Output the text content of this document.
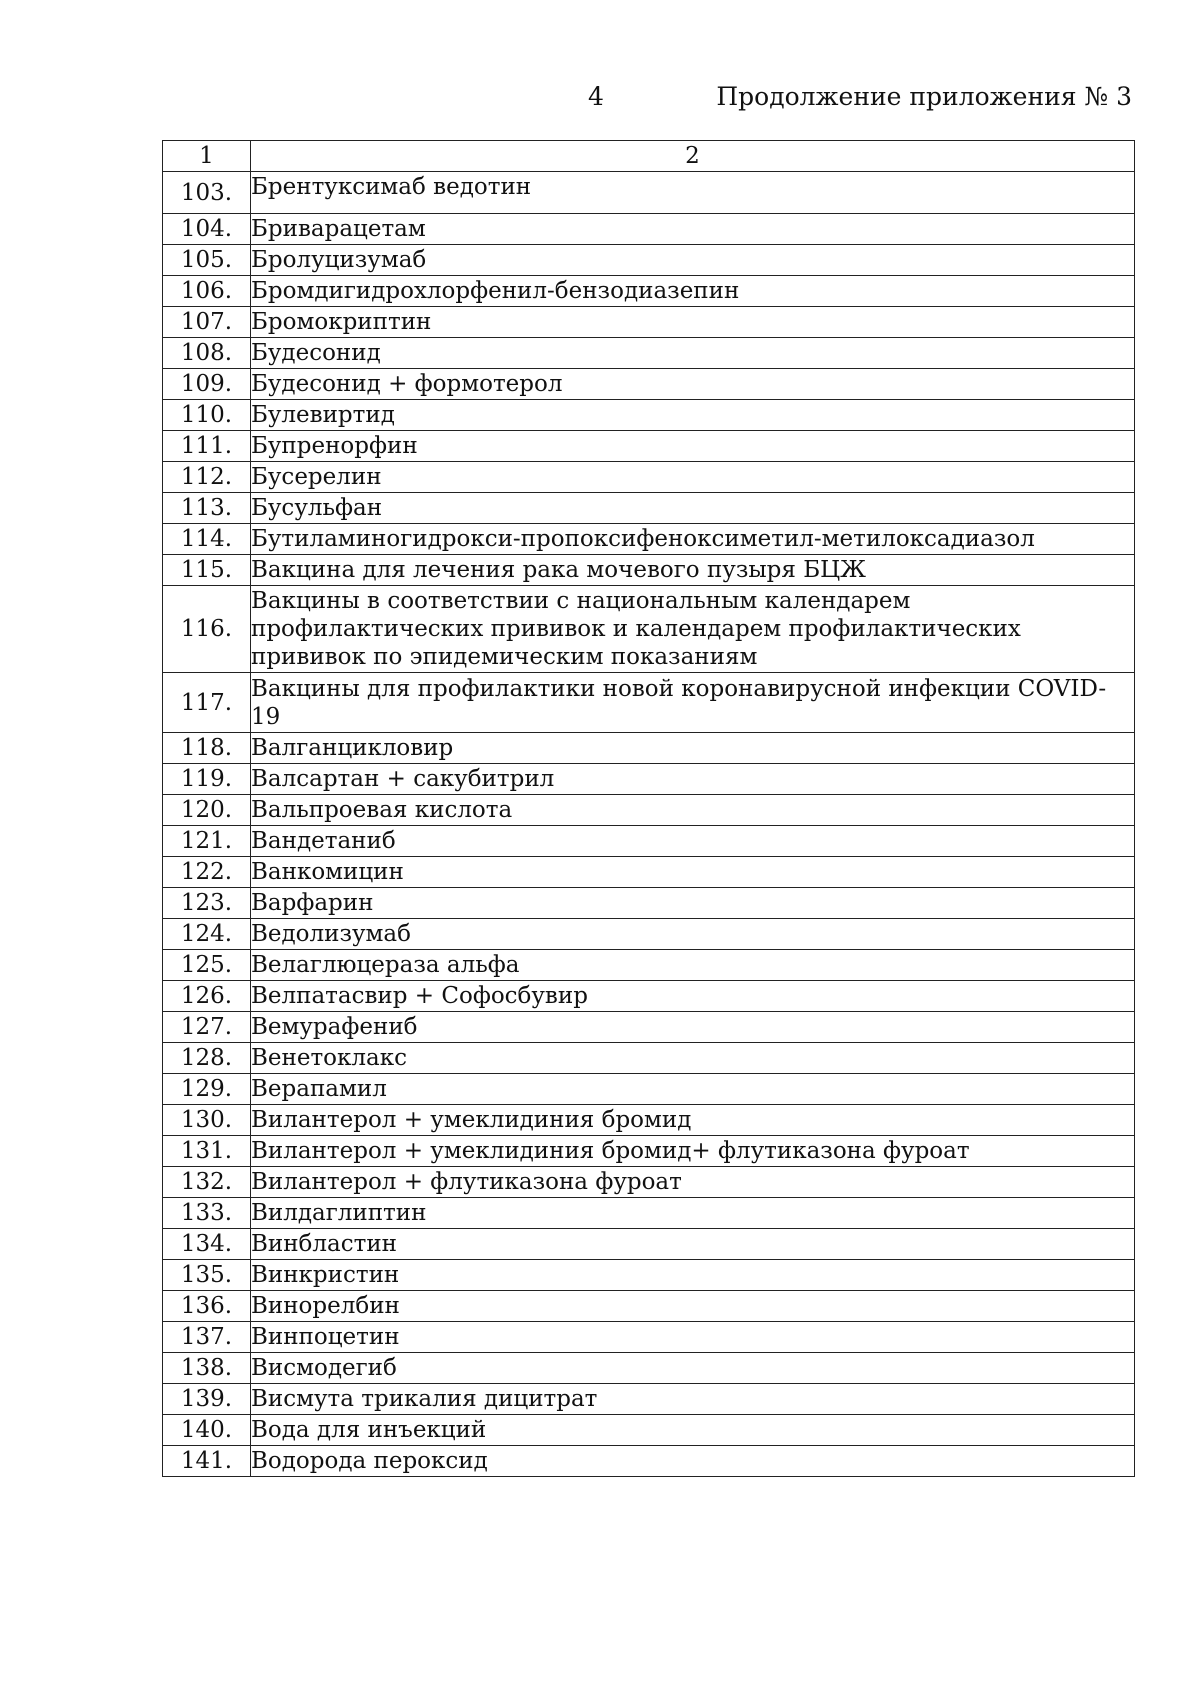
4	Продолжение приложения № 3
1	2
103.	Брентуксимаб ведотин
104.	Бриварацетам
105.	Бролуцизумаб
106.	Бромдигидрохлорфенил-бензодиазепин
107.	Бромокриптин
108.	Будесонид
109.	Будесонид + формотерол
110.	Булевиртид
111.	Бупренорфин
112.	Бусерелин
113.	Бусульфан
114.	Бутиламиногидрокси-пропоксифеноксиметил-метилоксадиазол
115.	Вакцина для лечения рака мочевого пузыря БЦЖ
116.	Вакцины в соответствии с национальным календарем профилактических прививок и календарем профилактических прививок по эпидемическим показаниям
117.	Вакцины для профилактики новой коронавирусной инфекции COVID-19
118.	Валганцикловир
119.	Валсартан + сакубитрил
120.	Вальпроевая кислота
121.	Вандетаниб
122.	Ванкомицин
123.	Варфарин
124.	Ведолизумаб
125.	Велаглюцераза альфа
126.	Велпатасвир + Софосбувир
127.	Вемурафениб
128.	Венетоклакс
129.	Верапамил
130.	Вилантерол + умеклидиния бромид
131.	Вилантерол + умеклидиния бромид+ флутиказона фуроат
132.	Вилантерол + флутиказона фуроат
133.	Вилдаглиптин
134.	Винбластин
135.	Винкристин
136.	Винорелбин
137.	Винпоцетин
138.	Висмодегиб
139.	Висмута трикалия дицитрат
140.	Вода для инъекций
141.	Водорода пероксид
